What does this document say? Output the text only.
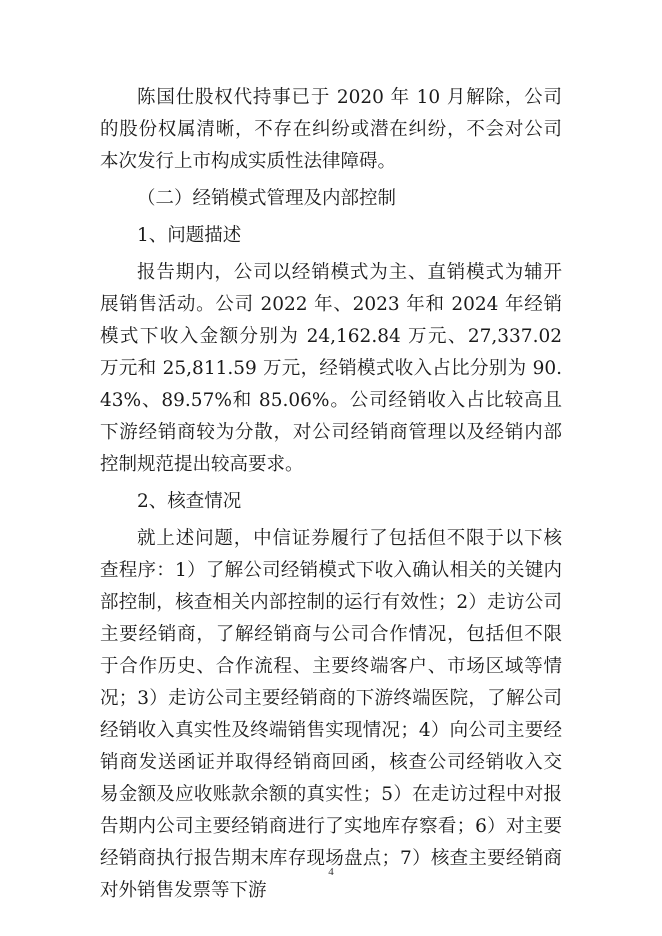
陈国仕股权代持事已于 2020 年 10 月解除，公司的股份权属清晰，不存在纠纷或潜在纠纷，不会对公司本次发行上市构成实质性法律障碍。

（二）经销模式管理及内部控制

1、问题描述

报告期内，公司以经销模式为主、直销模式为辅开展销售活动。公司 2022 年、2023 年和 2024 年经销模式下收入金额分别为 24,162.84 万元、27,337.02 万元和 25,811.59 万元，经销模式收入占比分别为 90.43%、89.57%和 85.06%。公司经销收入占比较高且下游经销商较为分散，对公司经销商管理以及经销内部控制规范提出较高要求。

2、核查情况

就上述问题，中信证券履行了包括但不限于以下核查程序：1）了解公司经销模式下收入确认相关的关键内部控制，核查相关内部控制的运行有效性；2）走访公司主要经销商，了解经销商与公司合作情况，包括但不限于合作历史、合作流程、主要终端客户、市场区域等情况；3）走访公司主要经销商的下游终端医院，了解公司经销收入真实性及终端销售实现情况；4）向公司主要经销商发送函证并取得经销商回函，核查公司经销收入交易金额及应收账款余额的真实性；5）在走访过程中对报告期内公司主要经销商进行了实地库存察看；6）对主要经销商执行报告期末库存现场盘点；7）核查主要经销商对外销售发票等下游

4
